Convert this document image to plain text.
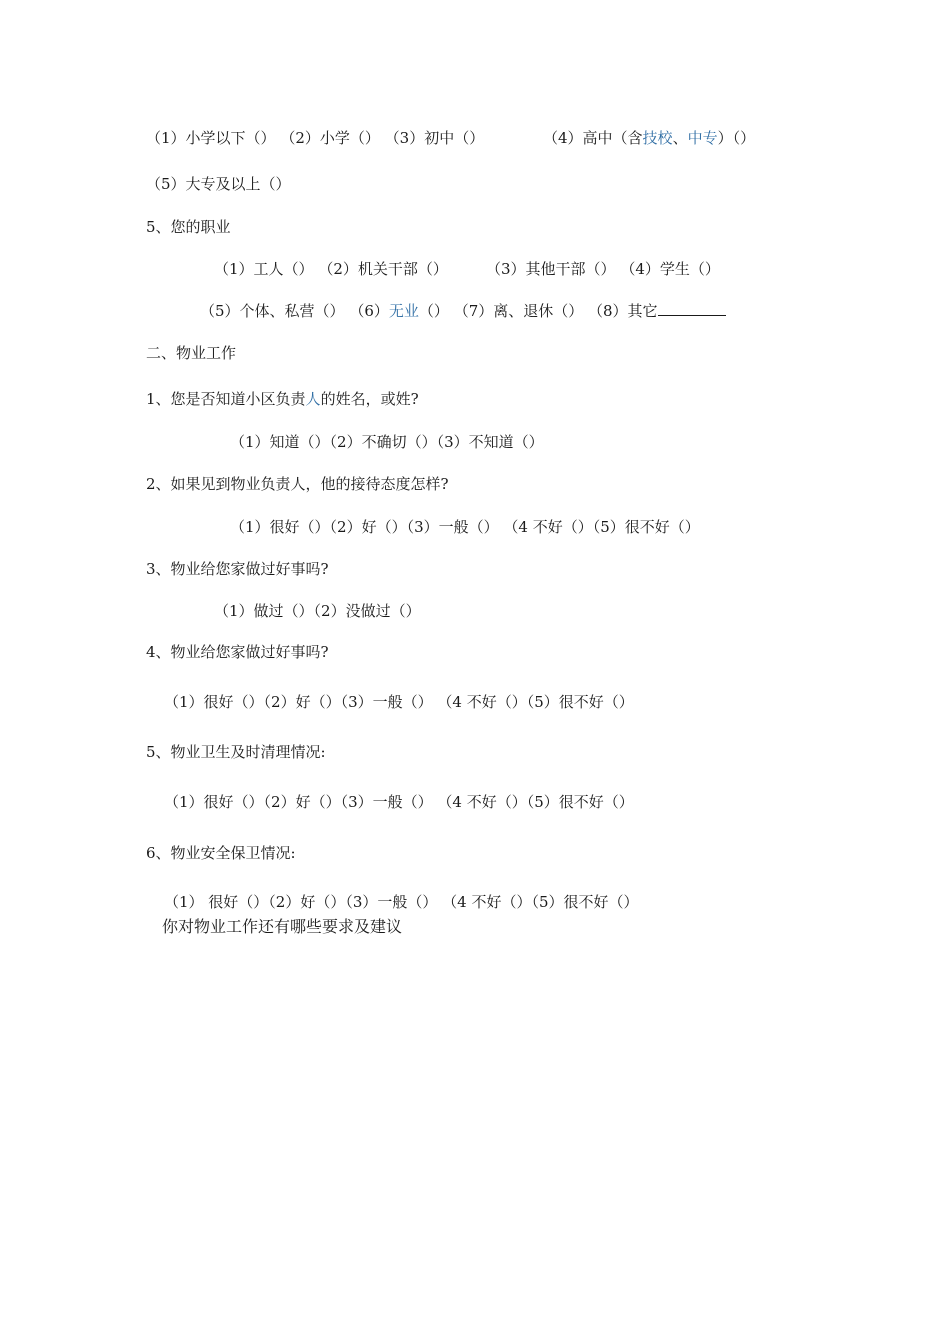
（1）小学以下（） （2）小学（） （3）初中（）	（4）高中（含技校、中专）（）
（5）大专及以上（）
5、您的职业
（1）工人（） （2）机关干部（）	（3）其他干部（） （4）学生（）
（5）个体、私营（） （6）无业（） （7）离、退休（） （8）其它
二、物业工作
1、您是否知道小区负责人的姓名，或姓?
（1）知道（）（2）不确切（）（3）不知道（）
2、如果见到物业负责人，他的接待态度怎样?
（1）很好（）（2）好（）（3）一般（） （4 不好（）（5）很不好（）
3、物业给您家做过好事吗?
（1）做过（）（2）没做过（）
4、物业给您家做过好事吗?
（1）很好（）（2）好（）（3）一般（） （4 不好（）（5）很不好（）
5、物业卫生及时清理情况:
（1）很好（）（2）好（）（3）一般（） （4 不好（）（5）很不好（）
6、物业安全保卫情况:
（1） 很好（）（2）好（）（3）一般（） （4 不好（）（5）很不好（）
你对物业工作还有哪些要求及建议
